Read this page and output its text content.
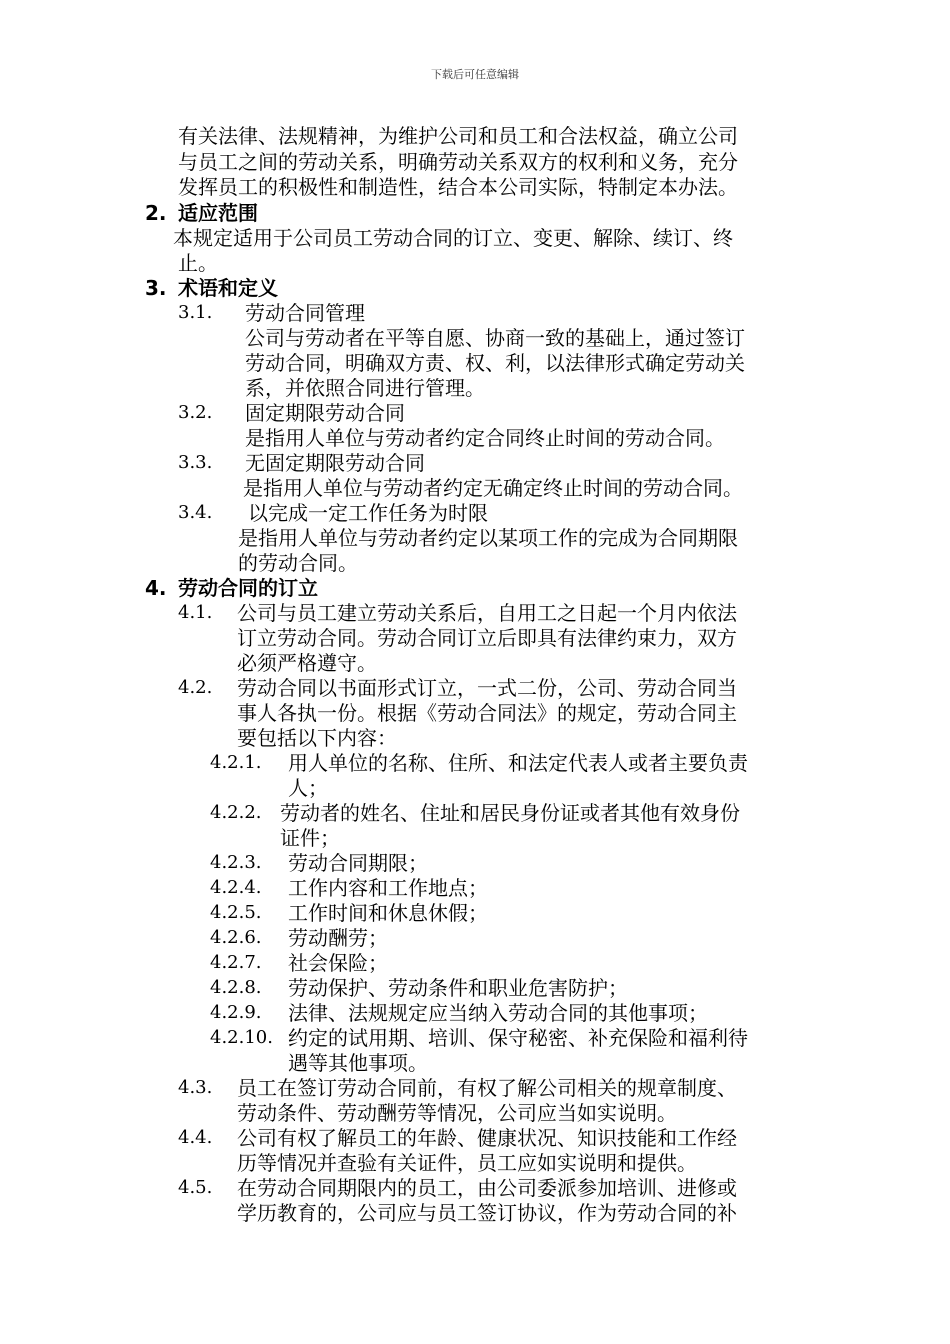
下载后可任意编辑
有关法律、法规精神，为维护公司和员工和合法权益，确立公司
与员工之间的劳动关系，明确劳动关系双方的权利和义务，充分
发挥员工的积极性和制造性，结合本公司实际，特制定本办法。
2. 适应范围
本规定适用于公司员工劳动合同的订立、变更、解除、续订、终
止。
3. 术语和定义
3.1. 劳动合同管理
公司与劳动者在平等自愿、协商一致的基础上，通过签订
劳动合同，明确双方责、权、利，以法律形式确定劳动关
系，并依照合同进行管理。
3.2. 固定期限劳动合同
是指用人单位与劳动者约定合同终止时间的劳动合同。
3.3. 无固定期限劳动合同
是指用人单位与劳动者约定无确定终止时间的劳动合同。
3.4. 以完成一定工作任务为时限
是指用人单位与劳动者约定以某项工作的完成为合同期限
的劳动合同。
4. 劳动合同的订立
4.1. 公司与员工建立劳动关系后，自用工之日起一个月内依法
订立劳动合同。劳动合同订立后即具有法律约束力，双方
必须严格遵守。
4.2. 劳动合同以书面形式订立，一式二份，公司、劳动合同当
事人各执一份。根据《劳动合同法》的规定，劳动合同主
要包括以下内容：
4.2.1. 用人单位的名称、住所、和法定代表人或者主要负责
人；
4.2.2. 劳动者的姓名、住址和居民身份证或者其他有效身份
证件；
4.2.3. 劳动合同期限；
4.2.4. 工作内容和工作地点；
4.2.5. 工作时间和休息休假；
4.2.6. 劳动酬劳；
4.2.7. 社会保险；
4.2.8. 劳动保护、劳动条件和职业危害防护；
4.2.9. 法律、法规规定应当纳入劳动合同的其他事项；
4.2.10. 约定的试用期、培训、保守秘密、补充保险和福利待
遇等其他事项。
4.3. 员工在签订劳动合同前，有权了解公司相关的规章制度、
劳动条件、劳动酬劳等情况，公司应当如实说明。
4.4. 公司有权了解员工的年龄、健康状况、知识技能和工作经
历等情况并查验有关证件，员工应如实说明和提供。
4.5. 在劳动合同期限内的员工，由公司委派参加培训、进修或
学历教育的，公司应与员工签订协议，作为劳动合同的补
